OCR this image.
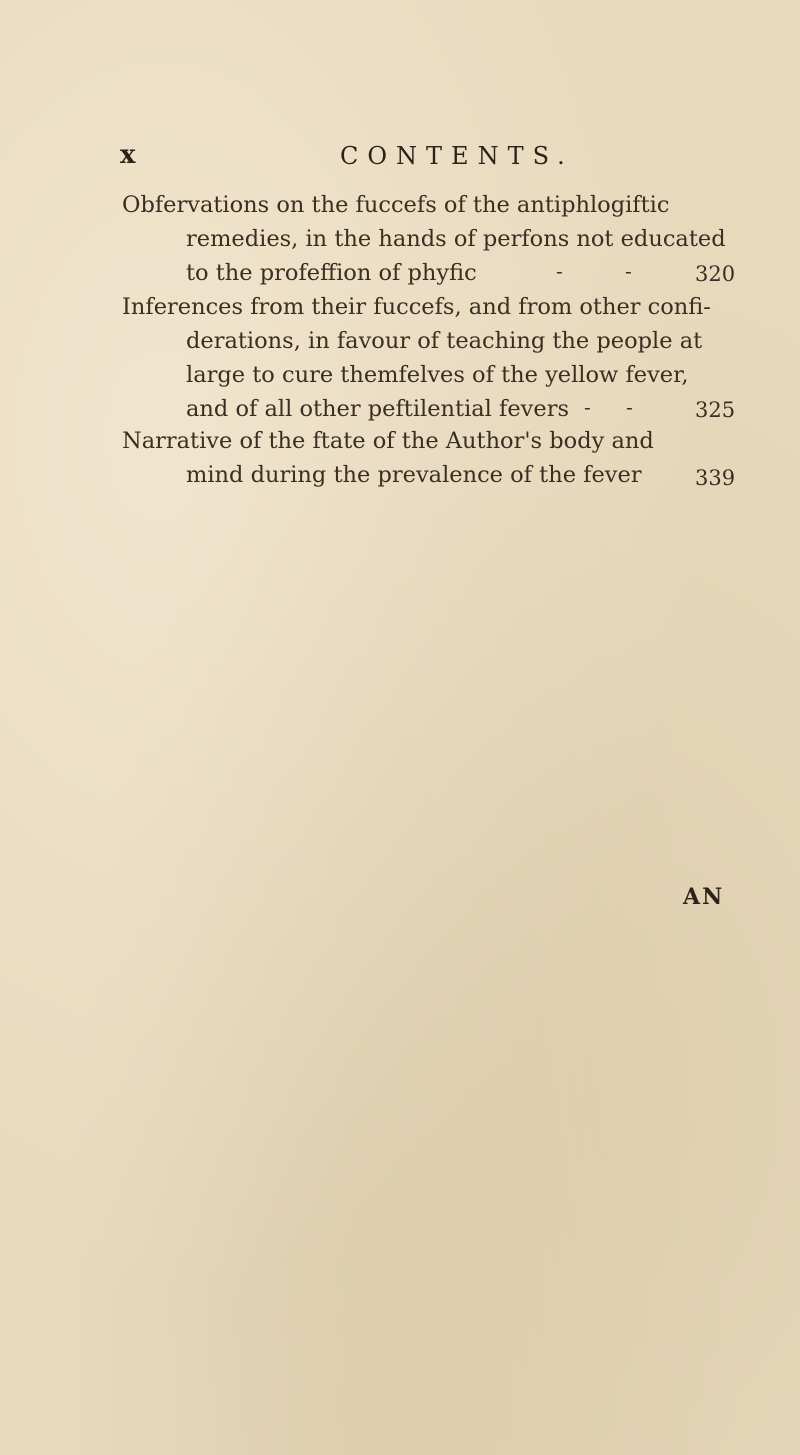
x	CONTENTS.
Obfervations on the fuccefs of the antiphlogiftic
remedies, in the hands of perfons not educated
to the profeffion of phyfic	-	-	320
Inferences from their fuccefs, and from other confi-
derations, in favour of teaching the people at
large to cure themfelves of the yellow fever,
and of all other peftilential fevers - -	325
Narrative of the ftate of the Author's body and
mind during the prevalence of the fever	339
AN
